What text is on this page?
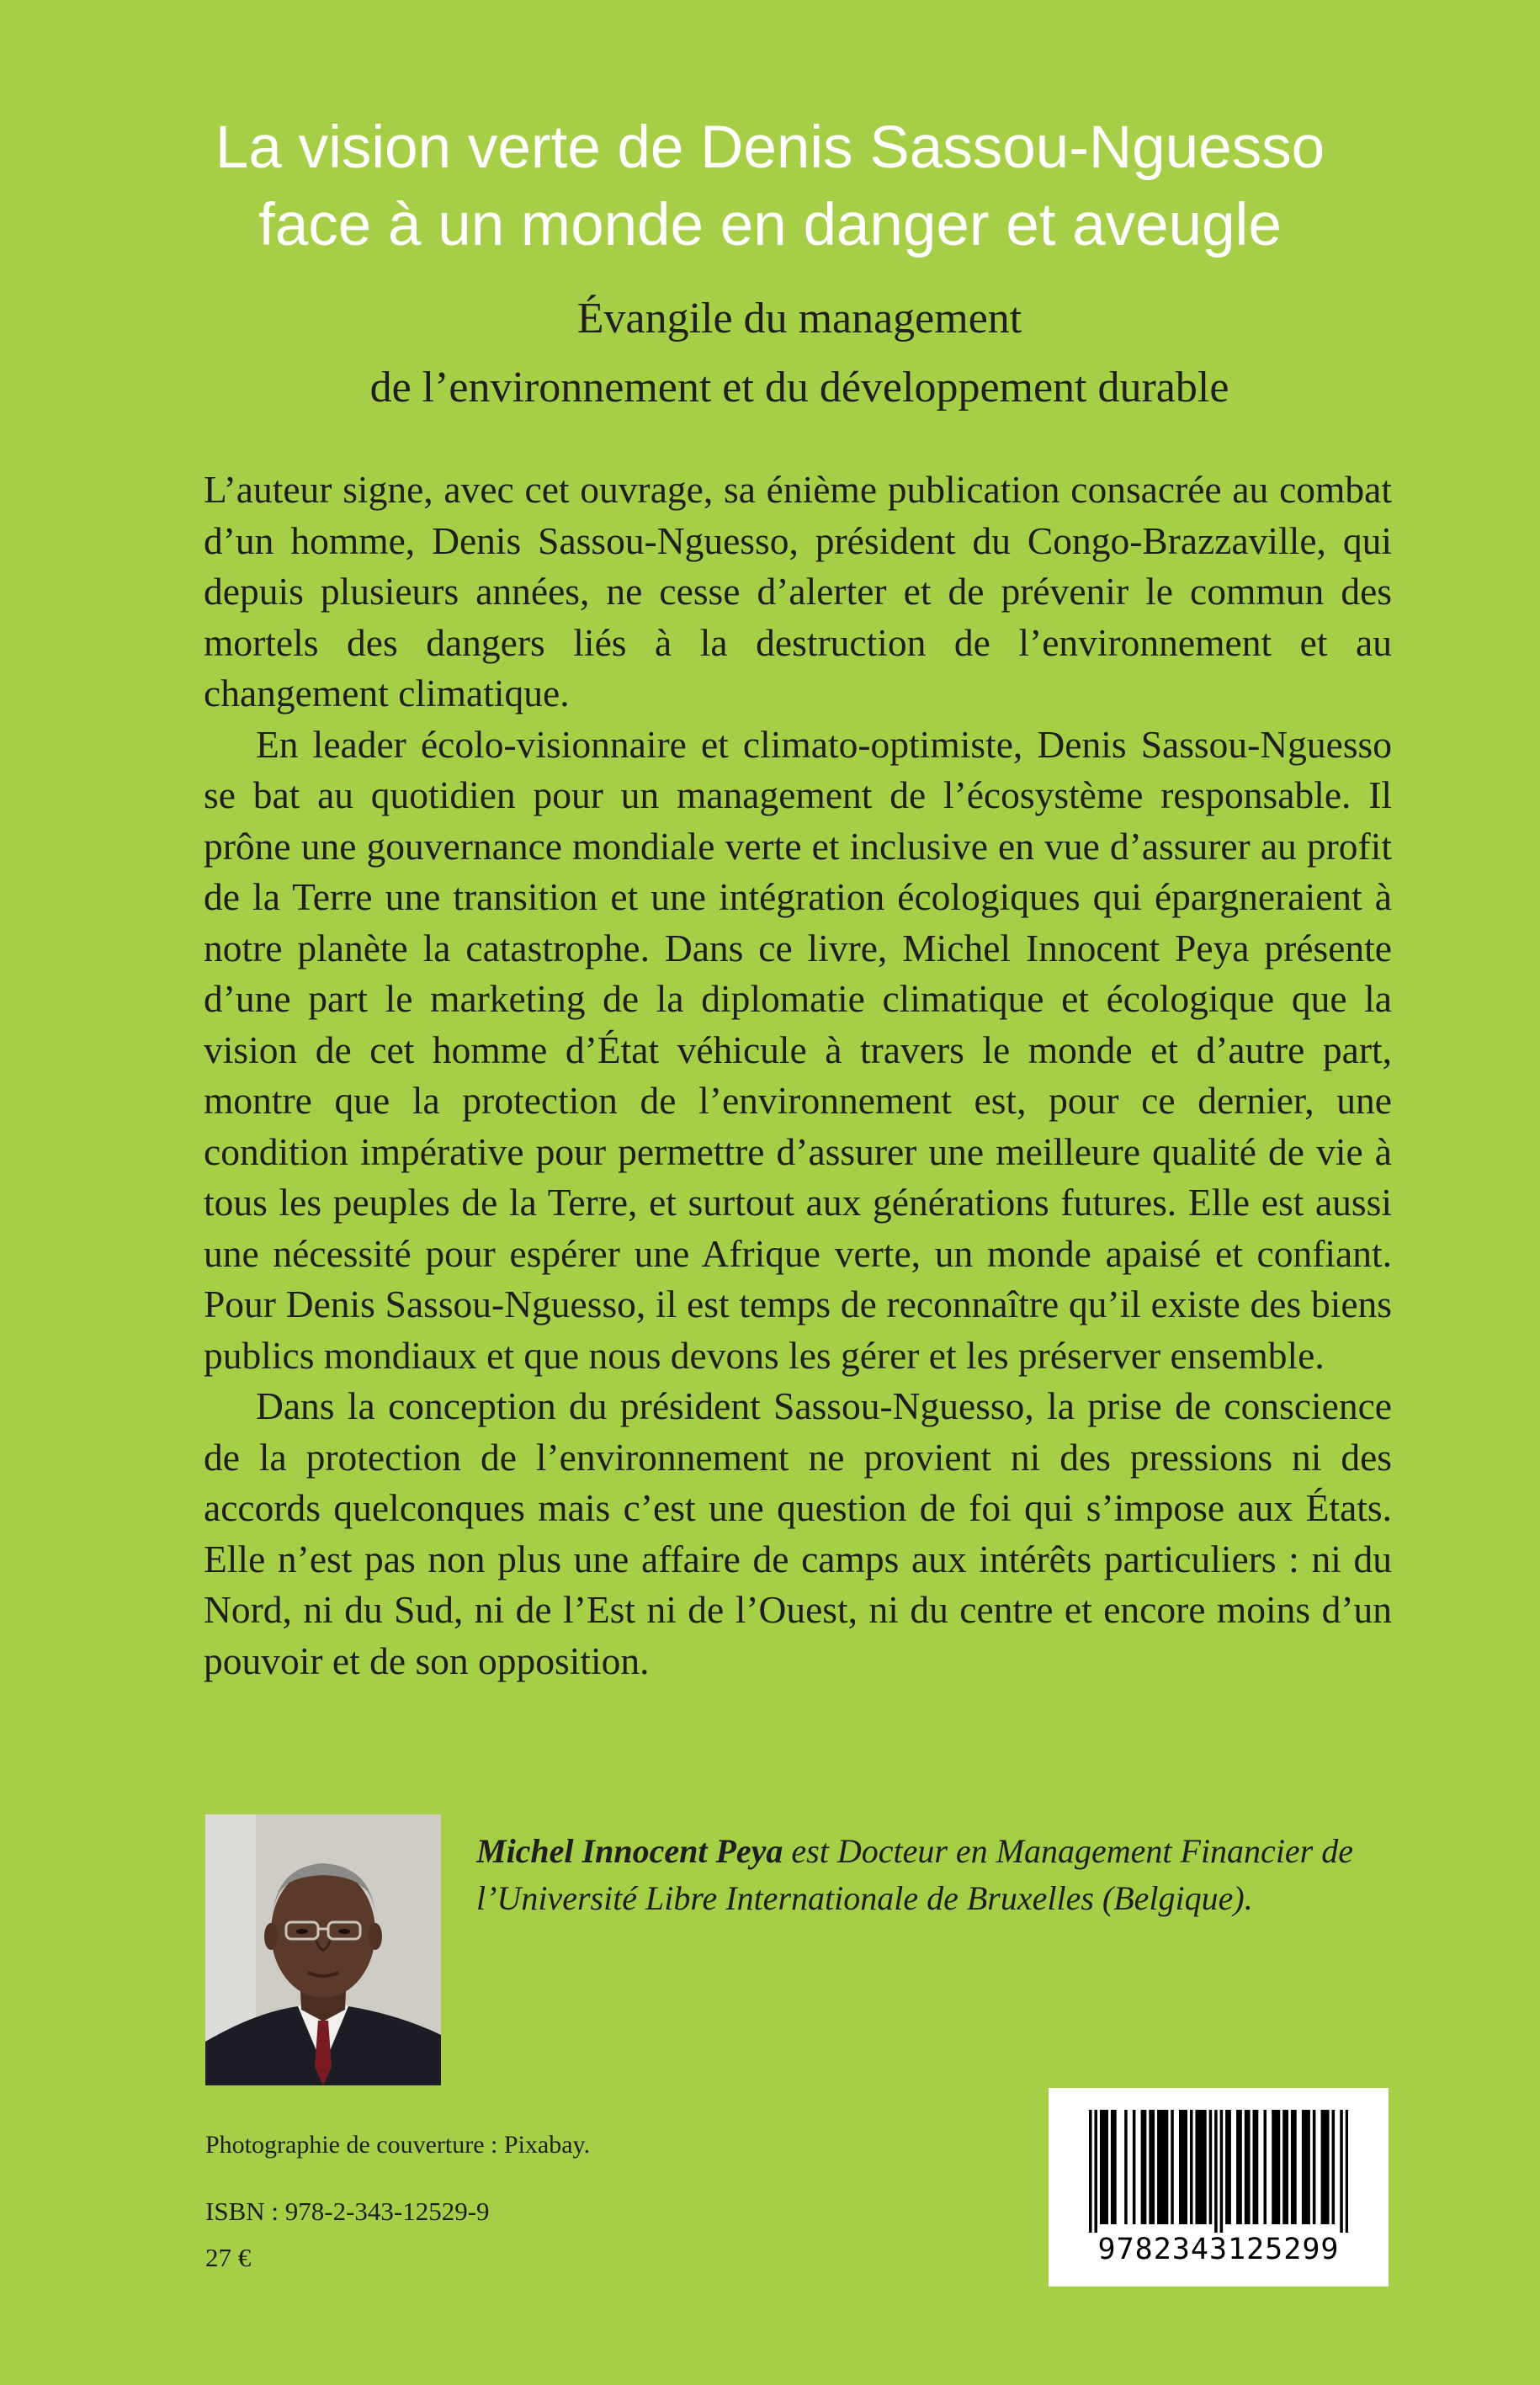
La vision verte de Denis Sassou-Nguesso
face à un monde en danger et aveugle
Évangile du management
de l’environnement et du développement durable

L’auteur signe, avec cet ouvrage, sa énième publication consacrée au combat d’un homme, Denis Sassou-Nguesso, président du Congo-Brazzaville, qui depuis plusieurs années, ne cesse d’alerter et de prévenir le commun des mortels des dangers liés à la destruction de l’environnement et au changement climatique.

En leader écolo-visionnaire et climato-optimiste, Denis Sassou-Nguesso se bat au quotidien pour un management de l’écosystème responsable. Il prône une gouvernance mondiale verte et inclusive en vue d’assurer au profit de la Terre une transition et une intégration écologiques qui épargneraient à notre planète la catastrophe. Dans ce livre, Michel Innocent Peya présente d’une part le marketing de la diplomatie climatique et écologique que la vision de cet homme d’État véhicule à travers le monde et d’autre part, montre que la protection de l’environnement est, pour ce dernier, une condition impérative pour permettre d’assurer une meilleure qualité de vie à tous les peuples de la Terre, et surtout aux générations futures. Elle est aussi une nécessité pour espérer une Afrique verte, un monde apaisé et confiant. Pour Denis Sassou-Nguesso, il est temps de reconnaître qu’il existe des biens publics mondiaux et que nous devons les gérer et les préserver ensemble.

Dans la conception du président Sassou-Nguesso, la prise de conscience de la protection de l’environnement ne provient ni des pressions ni des accords quelconques mais c’est une question de foi qui s’impose aux États. Elle n’est pas non plus une affaire de camps aux intérêts particuliers : ni du Nord, ni du Sud, ni de l’Est ni de l’Ouest, ni du centre et encore moins d’un pouvoir et de son opposition.

Michel Innocent Peya est Docteur en Management Financier de l’Université Libre Internationale de Bruxelles (Belgique).
Photographie de couverture : Pixabay.
ISBN : 978-2-343-12529-9
27 €	9782343125299
